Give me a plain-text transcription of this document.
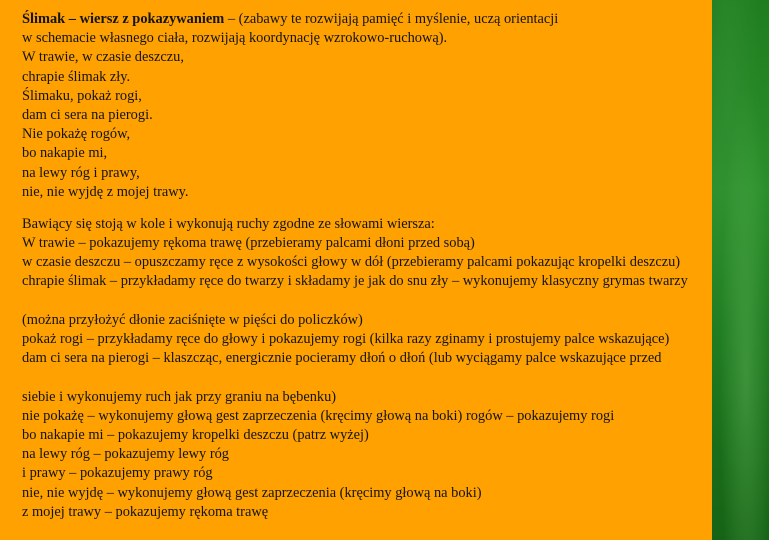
Ślimak – wiersz z pokazywaniem – (zabawy te rozwijają pamięć i myślenie, uczą orientacji
w schemacie własnego ciała, rozwijają koordynację wzrokowo-ruchową).
W trawie, w czasie deszczu,
chrapie ślimak zły.
Ślimaku, pokaż rogi,
dam ci sera na pierogi.
Nie pokażę rogów,
bo nakapie mi,
na lewy róg i prawy,
nie, nie wyjdę z mojej trawy.
Bawiący się stoją w kole i wykonują ruchy zgodne ze słowami wiersza:
W trawie – pokazujemy rękoma trawę (przebieramy palcami dłoni przed sobą)
w czasie deszczu – opuszczamy ręce z wysokości głowy w dół (przebieramy palcami pokazując kropelki deszczu)
chrapie ślimak – przykładamy ręce do twarzy i składamy je jak do snu zły – wykonujemy klasyczny grymas twarzy
(można przyłożyć dłonie zaciśnięte w pięści do policzków)
pokaż rogi – przykładamy ręce do głowy i pokazujemy rogi (kilka razy zginamy i prostujemy palce wskazujące)
dam ci sera na pierogi – klaszcząc, energicznie pocieramy dłoń o dłoń (lub wyciągamy palce wskazujące przed
siebie i wykonujemy ruch jak przy graniu na bębenku)
nie pokażę – wykonujemy głową gest zaprzeczenia (kręcimy głową na boki) rogów – pokazujemy rogi
bo nakapie mi – pokazujemy kropelki deszczu (patrz wyżej)
na lewy róg – pokazujemy lewy róg
i prawy – pokazujemy prawy róg
nie, nie wyjdę – wykonujemy głową gest zaprzeczenia (kręcimy głową na boki)
z mojej trawy – pokazujemy rękoma trawę
